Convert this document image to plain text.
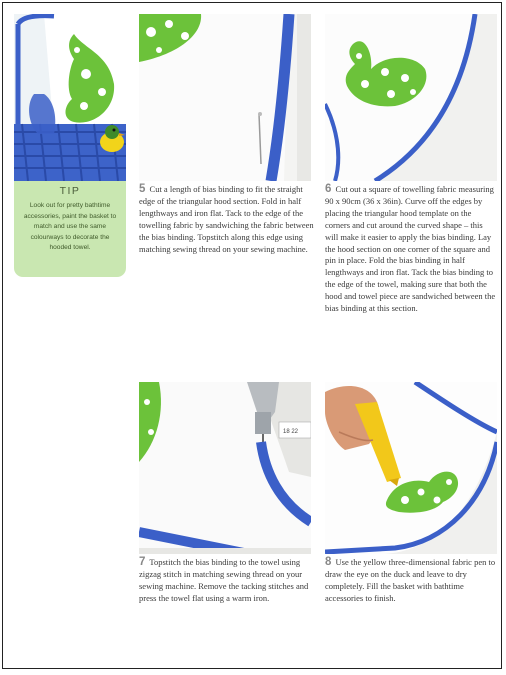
TIP
Look out for pretty bathtime accessories, paint the basket to match and use the same colourways to decorate the hooded towel.
18 22
5 Cut a length of bias binding to fit the straight edge of the triangular hood section. Fold in half lengthways and iron flat. Tack to the edge of the towelling fabric by sandwiching the fabric between the bias binding. Topstitch along this edge using matching sewing thread on your sewing machine.
6 Cut out a square of towelling fabric measuring 90 x 90cm (36 x 36in). Curve off the edges by placing the triangular hood template on the corners and cut around the curved shape – this will make it easier to apply the bias binding. Lay the hood section on one corner of the square and pin in place. Fold the bias binding in half lengthways and iron flat. Tack the bias binding to the edge of the towel, making sure that both the hood and towel piece are sandwiched between the bias binding at this section.
7 Topstitch the bias binding to the towel using zigzag stitch in matching sewing thread on your sewing machine. Remove the tacking stitches and press the towel flat using a warm iron.
8 Use the yellow three-dimensional fabric pen to draw the eye on the duck and leave to dry completely. Fill the basket with bathtime accessories to finish.
